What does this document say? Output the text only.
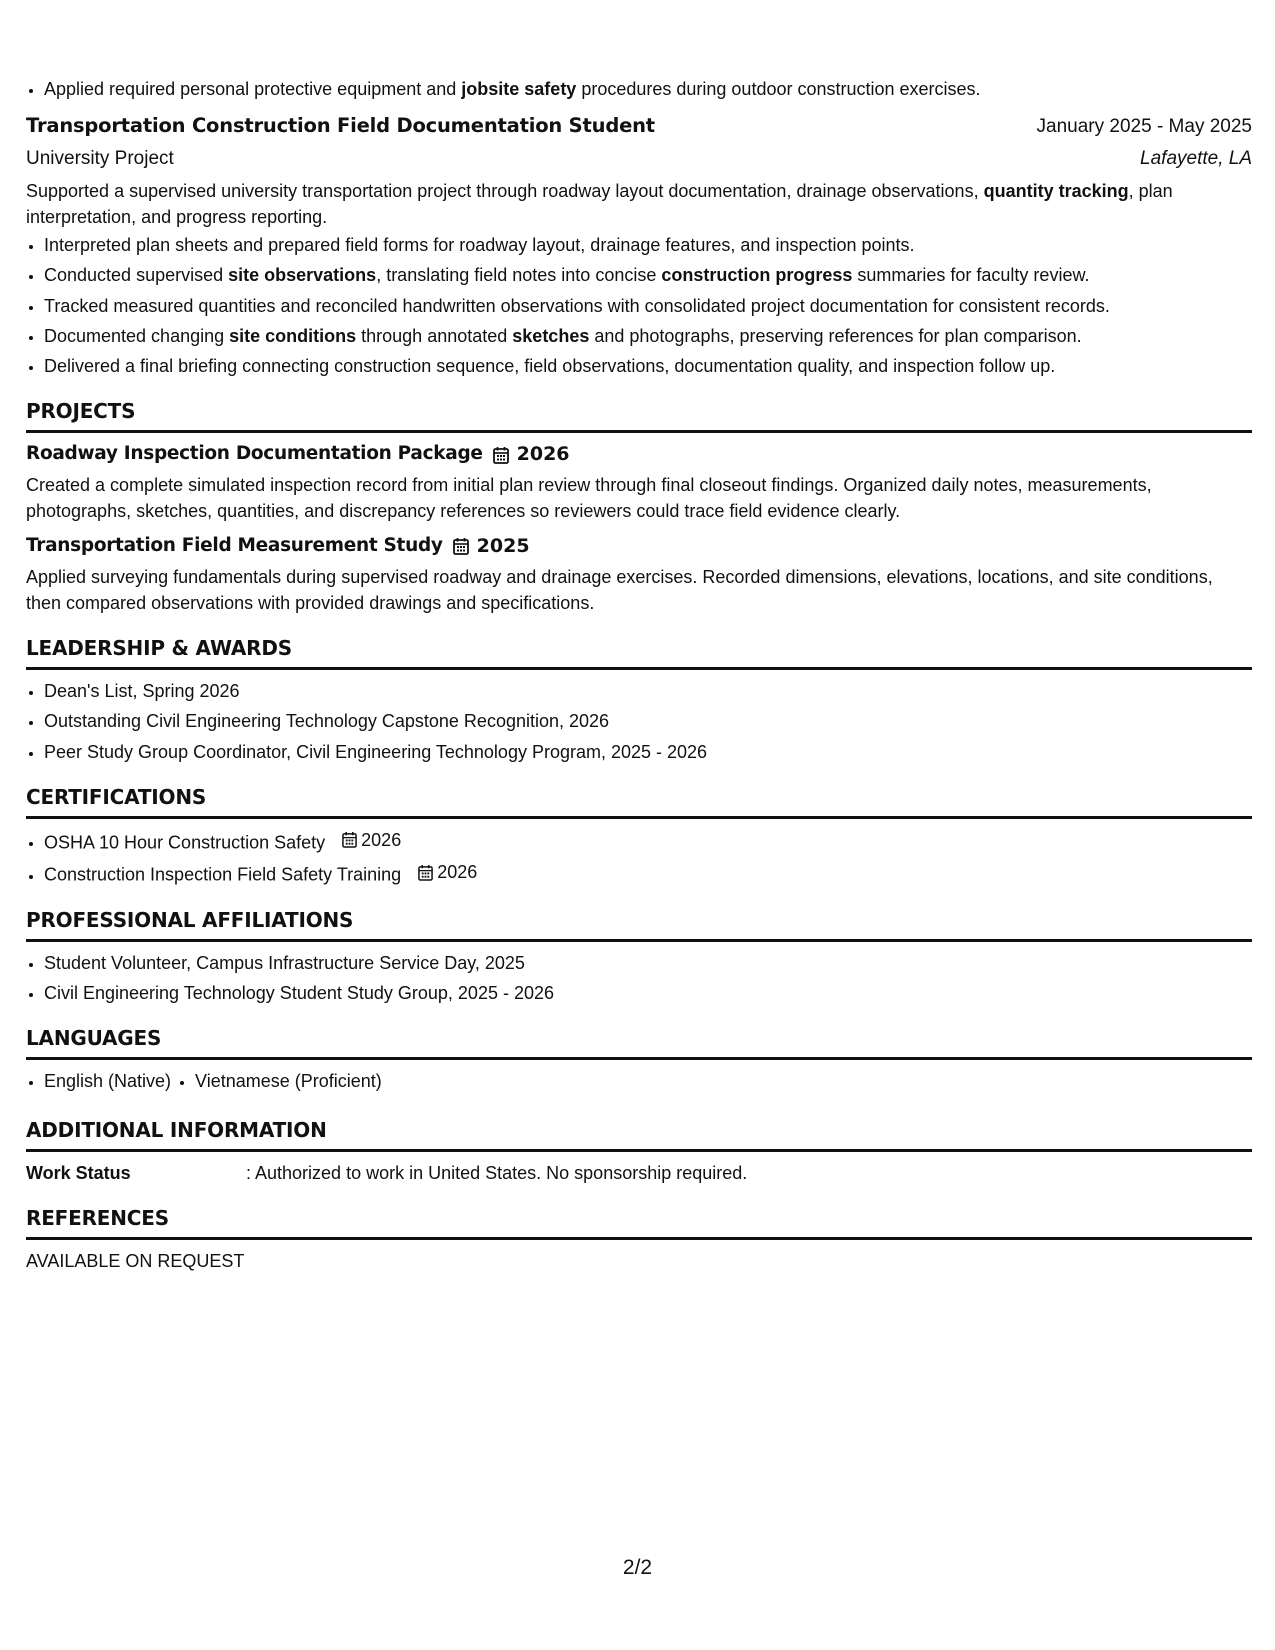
• Applied required personal protective equipment and jobsite safety procedures during outdoor construction exercises.
Transportation Construction Field Documentation Student	January 2025 - May 2025
University Project	Lafayette, LA

Supported a supervised university transportation project through roadway layout documentation, drainage observations, quantity tracking, plan interpretation, and progress reporting.

• Interpreted plan sheets and prepared field forms for roadway layout, drainage features, and inspection points.
• Conducted supervised site observations, translating field notes into concise construction progress summaries for faculty review.
• Tracked measured quantities and reconciled handwritten observations with consolidated project documentation for consistent records.
• Documented changing site conditions through annotated sketches and photographs, preserving references for plan comparison.
• Delivered a final briefing connecting construction sequence, field observations, documentation quality, and inspection follow up.
PROJECTS
Roadway Inspection Documentation Package 2026

Created a complete simulated inspection record from initial plan review through final closeout findings. Organized daily notes, measurements, photographs, sketches, quantities, and discrepancy references so reviewers could trace field evidence clearly.

Transportation Field Measurement Study 2025

Applied surveying fundamentals during supervised roadway and drainage exercises. Recorded dimensions, elevations, locations, and site conditions, then compared observations with provided drawings and specifications.

LEADERSHIP & AWARDS
• Dean's List, Spring 2026
• Outstanding Civil Engineering Technology Capstone Recognition, 2026
• Peer Study Group Coordinator, Civil Engineering Technology Program, 2025 - 2026
CERTIFICATIONS
• OSHA 10 Hour Construction Safety 2026
• Construction Inspection Field Safety Training 2026
PROFESSIONAL AFFILIATIONS
• Student Volunteer, Campus Infrastructure Service Day, 2025
• Civil Engineering Technology Student Study Group, 2025 - 2026
LANGUAGES
• English (Native)
• Vietnamese (Proficient)
ADDITIONAL INFORMATION
Work Status	: Authorized to work in United States. No sponsorship required.
REFERENCES
AVAILABLE ON REQUEST
2/2
